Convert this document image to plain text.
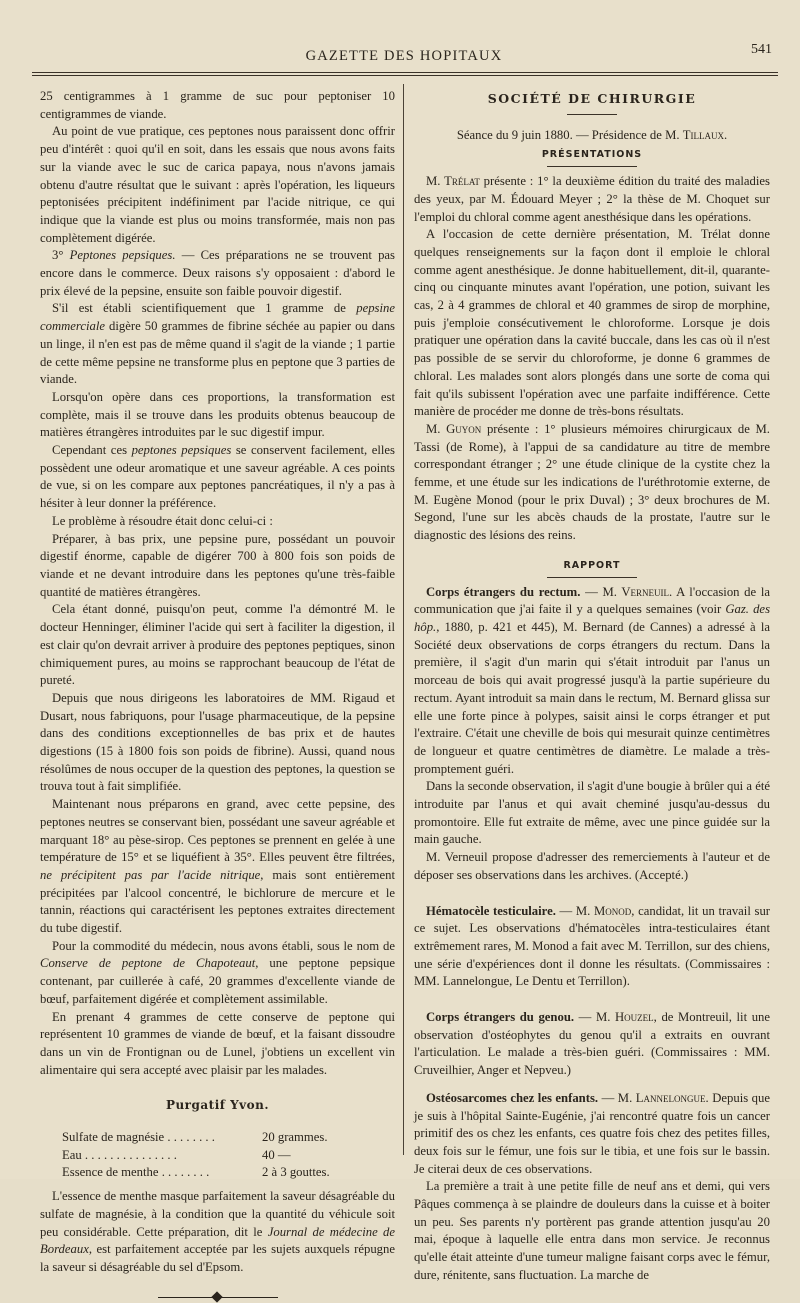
GAZETTE DES HOPITAUX	541

25 centigrammes à 1 gramme de suc pour peptoniser 10 centigrammes de viande.

Au point de vue pratique, ces peptones nous paraissent donc offrir peu d'intérêt : quoi qu'il en soit, dans les essais que nous avons faits sur la viande avec le suc de carica papaya, nous n'avons jamais obtenu d'autre résultat que le suivant : après l'opération, les liqueurs peptonisées précipitent indéfiniment par l'acide nitrique, ce qui indique que la viande est plus ou moins transformée, mais non pas complètement digérée.

3° Peptones pepsiques. — Ces préparations ne se trouvent pas encore dans le commerce. Deux raisons s'y opposaient : d'abord le prix élevé de la pepsine, ensuite son faible pouvoir digestif.

S'il est établi scientifiquement que 1 gramme de pepsine commerciale digère 50 grammes de fibrine séchée au papier ou dans un linge, il n'en est pas de même quand il s'agit de la viande ; 1 partie de cette même pepsine ne transforme plus en peptone que 3 parties de viande.

Lorsqu'on opère dans ces proportions, la transformation est complète, mais il se trouve dans les produits obtenus beaucoup de matières étrangères introduites par le suc digestif impur.

Cependant ces peptones pepsiques se conservent facilement, elles possèdent une odeur aromatique et une saveur agréable. A ces points de vue, si on les compare aux peptones pancréatiques, il n'y a pas à hésiter à leur donner la préférence.

Le problème à résoudre était donc celui-ci :

Préparer, à bas prix, une pepsine pure, possédant un pouvoir digestif énorme, capable de digérer 700 à 800 fois son poids de viande et ne devant introduire dans les peptones qu'une très-faible quantité de matières étrangères.

Cela étant donné, puisqu'on peut, comme l'a démontré M. le docteur Henninger, éliminer l'acide qui sert à faciliter la digestion, il est clair qu'on devrait arriver à produire des peptones peptiques, sinon chimiquement pures, au moins se rapprochant beaucoup de l'état de pureté.

Depuis que nous dirigeons les laboratoires de MM. Rigaud et Dusart, nous fabriquons, pour l'usage pharmaceutique, de la pepsine dans des conditions exceptionnelles de bas prix et de hautes digestions (15 à 1800 fois son poids de fibrine). Aussi, quand nous résolûmes de nous occuper de la question des peptones, la question se trouva tout à fait simplifiée.

Maintenant nous préparons en grand, avec cette pepsine, des peptones neutres se conservant bien, possédant une saveur agréable et marquant 18° au pèse-sirop. Ces peptones se prennent en gelée à une température de 15° et se liquéfient à 35°. Elles peuvent être filtrées, ne précipitent pas par l'acide nitrique, mais sont entièrement précipitées par l'alcool concentré, le bichlorure de mercure et le tannin, réactions qui caractérisent les peptones extraites directement du tube digestif.

Pour la commodité du médecin, nous avons établi, sous le nom de Conserve de peptone de Chapoteaut, une peptone pepsique contenant, par cuillerée à café, 20 grammes d'excellente viande de bœuf, parfaitement digérée et complètement assimilable.

En prenant 4 grammes de cette conserve de peptone qui représentent 10 grammes de viande de bœuf, et la faisant dissoudre dans un vin de Frontignan ou de Lunel, j'obtiens un excellent vin alimentaire qui sera accepté avec plaisir par les malades.

Purgatif Yvon.
Sulfate de magnésie . . . . . . . .	20 grammes.
Eau . . . . . . . . . . . . . . .	40 —
Essence de menthe . . . . . . . .	2 à 3 gouttes.

L'essence de menthe masque parfaitement la saveur désagréable du sulfate de magnésie, à la condition que la quantité du véhicule soit peu considérable. Cette préparation, dit le Journal de médecine de Bordeaux, est parfaitement acceptée par les sujets auxquels répugne la saveur si désagréable du sel d'Epsom.

SOCIÉTÉ DE CHIRURGIE

Séance du 9 juin 1880. — Présidence de M. Tillaux.

PRÉSENTATIONS

M. Trélat présente : 1° la deuxième édition du traité des maladies des yeux, par M. Édouard Meyer ; 2° la thèse de M. Choquet sur l'emploi du chloral comme agent anesthésique dans les opérations.

A l'occasion de cette dernière présentation, M. Trélat donne quelques renseignements sur la façon dont il emploie le chloral comme agent anesthésique. Je donne habituellement, dit-il, quarante-cinq ou cinquante minutes avant l'opération, une potion, suivant les cas, 2 à 4 grammes de chloral et 40 grammes de sirop de morphine, puis j'emploie consécutivement le chloroforme. Lorsque je dois pratiquer une opération dans la cavité buccale, dans les cas où il n'est pas possible de se servir du chloroforme, je donne 6 grammes de chloral. Les malades sont alors plongés dans une sorte de coma qui fait qu'ils subissent l'opération avec une parfaite indifférence. Cette manière de procéder me donne de très-bons résultats.

M. Guyon présente : 1° plusieurs mémoires chirurgicaux de M. Tassi (de Rome), à l'appui de sa candidature au titre de membre correspondant étranger ; 2° une étude clinique de la cystite chez la femme, et une étude sur les indications de l'uréthrotomie externe, de M. Eugène Monod (pour le prix Duval) ; 3° deux brochures de M. Segond, l'une sur les abcès chauds de la prostate, l'autre sur le diagnostic des lésions des reins.

RAPPORT

Corps étrangers du rectum. — M. Verneuil. A l'occasion de la communication que j'ai faite il y a quelques semaines (voir Gaz. des hôp., 1880, p. 421 et 445), M. Bernard (de Cannes) a adressé à la Société deux observations de corps étrangers du rectum. Dans la première, il s'agit d'un marin qui s'était introduit par l'anus un morceau de bois qui avait progressé jusqu'à la partie supérieure du rectum. Ayant introduit sa main dans le rectum, M. Bernard glissa sur elle une forte pince à polypes, saisit ainsi le corps étranger et put l'extraire. C'était une cheville de bois qui mesurait quinze centimètres de longueur et quatre centimètres de diamètre. Le malade a très-promptement guéri.

Dans la seconde observation, il s'agit d'une bougie à brûler qui a été introduite par l'anus et qui avait cheminé jusqu'au-dessus du promontoire. Elle fut extraite de même, avec une pince guidée sur la main gauche.

M. Verneuil propose d'adresser des remerciements à l'auteur et de déposer ses observations dans les archives. (Accepté.)

Hématocèle testiculaire. — M. Monod, candidat, lit un travail sur ce sujet. Les observations d'hématocèles intra-testiculaires étant extrêmement rares, M. Monod a fait avec M. Terrillon, sur des chiens, une série d'expériences dont il donne les résultats. (Commissaires : MM. Lannelongue, Le Dentu et Terrillon).

Corps étrangers du genou. — M. Houzel, de Montreuil, lit une observation d'ostéophytes du genou qu'il a extraits en ouvrant l'articulation. Le malade a très-bien guéri. (Commissaires : MM. Cruveilhier, Anger et Nepveu.)

Ostéosarcomes chez les enfants. — M. Lannelongue. Depuis que je suis à l'hôpital Sainte-Eugénie, j'ai rencontré quatre fois un cancer primitif des os chez les enfants, ces quatre fois chez des petites filles, deux fois sur le fémur, une fois sur le tibia, et une fois sur le bassin. Je citerai deux de ces observations.

La première a trait à une petite fille de neuf ans et demi, qui vers Pâques commença à se plaindre de douleurs dans la cuisse et à boiter un peu. Ses parents n'y portèrent pas grande attention jusqu'au 20 mai, époque à laquelle elle entra dans mon service. Je reconnus qu'elle était atteinte d'une tumeur maligne faisant corps avec le fémur, dure, rénitente, sans fluctuation. La marche de
